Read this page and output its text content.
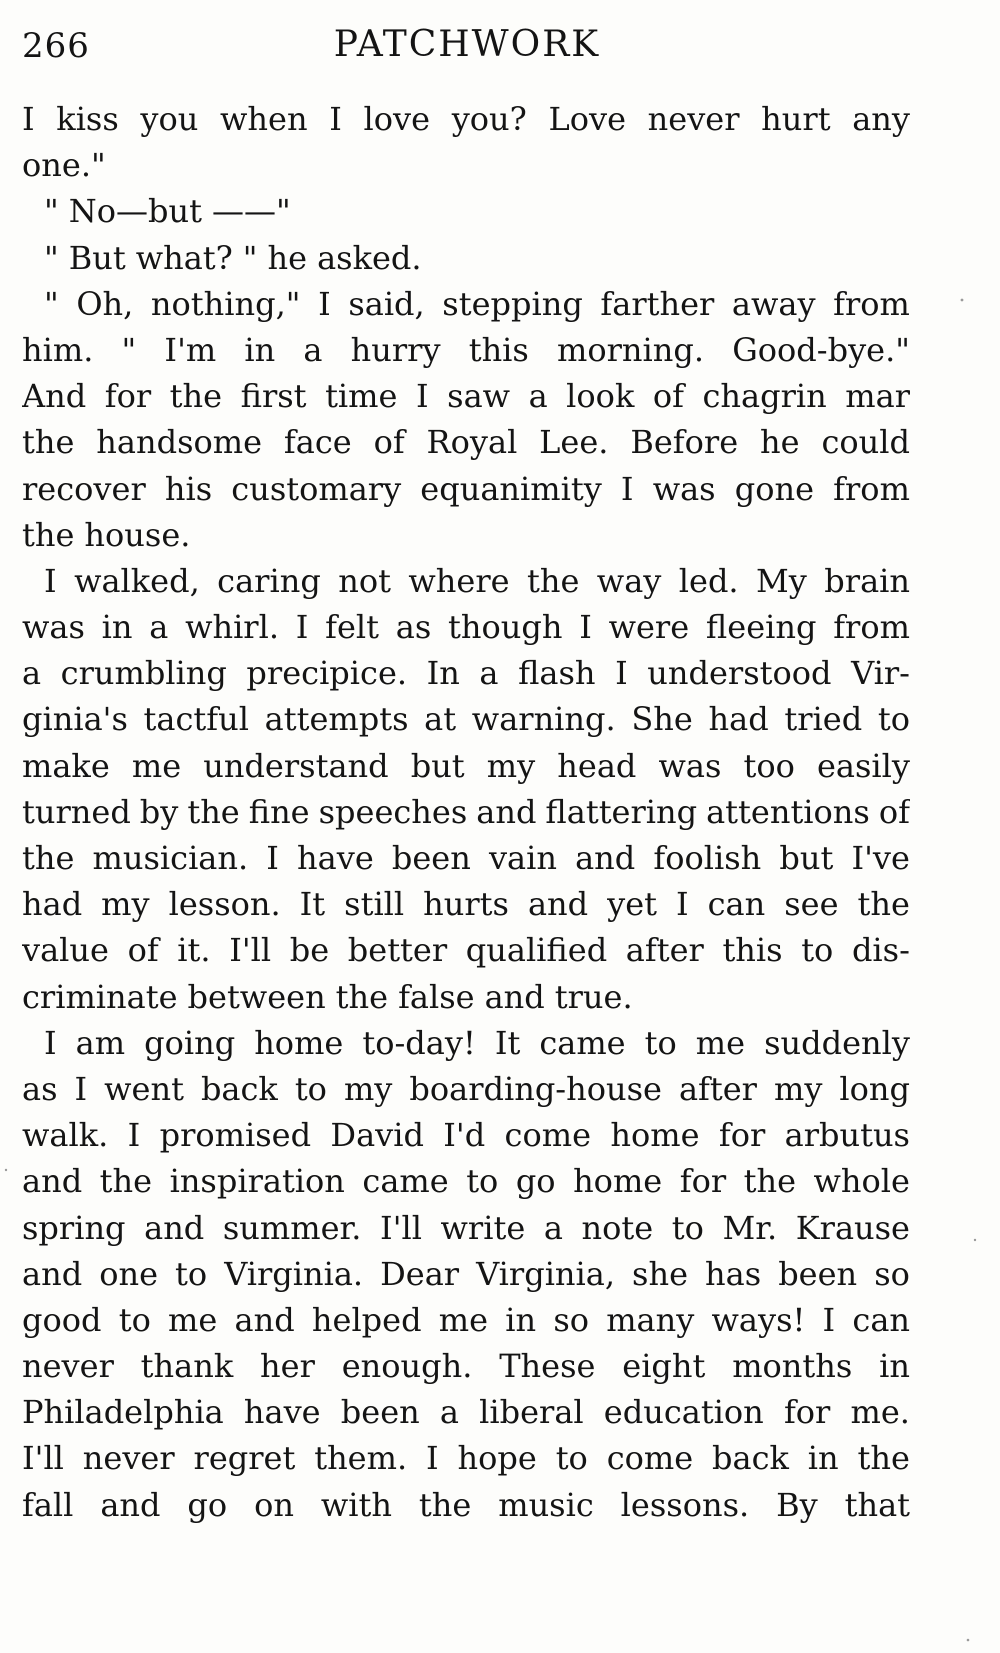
266	PATCHWORK
I kiss you when I love you? Love never hurt any
one."
" No—but ——"
" But what? " he asked.
" Oh, nothing," I said, stepping farther away from
him. " I'm in a hurry this morning. Good-bye."
And for the first time I saw a look of chagrin mar
the handsome face of Royal Lee. Before he could
recover his customary equanimity I was gone from
the house.
I walked, caring not where the way led. My brain
was in a whirl. I felt as though I were fleeing from
a crumbling precipice. In a flash I understood Vir-
ginia's tactful attempts at warning. She had tried to
make me understand but my head was too easily
turned by the fine speeches and flattering attentions of
the musician. I have been vain and foolish but I've
had my lesson. It still hurts and yet I can see the
value of it. I'll be better qualified after this to dis-
criminate between the false and true.
I am going home to-day! It came to me suddenly
as I went back to my boarding-house after my long
walk. I promised David I'd come home for arbutus
and the inspiration came to go home for the whole
spring and summer. I'll write a note to Mr. Krause
and one to Virginia. Dear Virginia, she has been so
good to me and helped me in so many ways! I can
never thank her enough. These eight months in
Philadelphia have been a liberal education for me.
I'll never regret them. I hope to come back in the
fall and go on with the music lessons. By that
